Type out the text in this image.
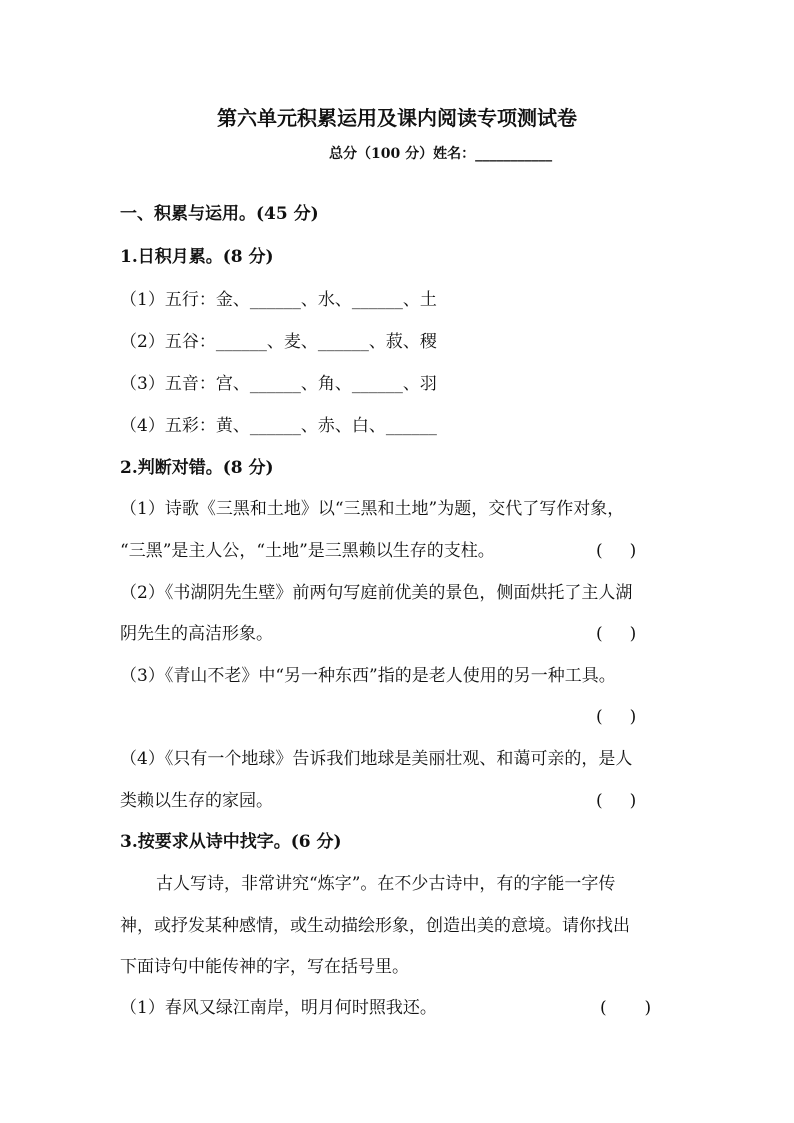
第六单元积累运用及课内阅读专项测试卷
总分（100 分）姓名：___________
一、积累与运用。(45 分)
1.日积月累。(8 分)
（1）五行：金、______、水、______、土
（2）五谷：______、麦、______、菽、稷
（3）五音：宫、______、角、______、羽
（4）五彩：黄、______、赤、白、______
2.判断对错。(8 分)
（1）诗歌《三黑和土地》以“三黑和土地”为题，交代了写作对象，
“三黑”是主人公，“土地”是三黑赖以生存的支柱。	(     )
（2）《书湖阴先生壁》前两句写庭前优美的景色，侧面烘托了主人湖
阴先生的高洁形象。	(     )
（3）《青山不老》中“另一种东西”指的是老人使用的另一种工具。
(     )
（4）《只有一个地球》告诉我们地球是美丽壮观、和蔼可亲的，是人
类赖以生存的家园。	(     )
3.按要求从诗中找字。(6 分)
古人写诗，非常讲究“炼字”。在不少古诗中，有的字能一字传
神，或抒发某种感情，或生动描绘形象，创造出美的意境。请你找出
下面诗句中能传神的字，写在括号里。
（1）春风又绿江南岸，明月何时照我还。	(       )
